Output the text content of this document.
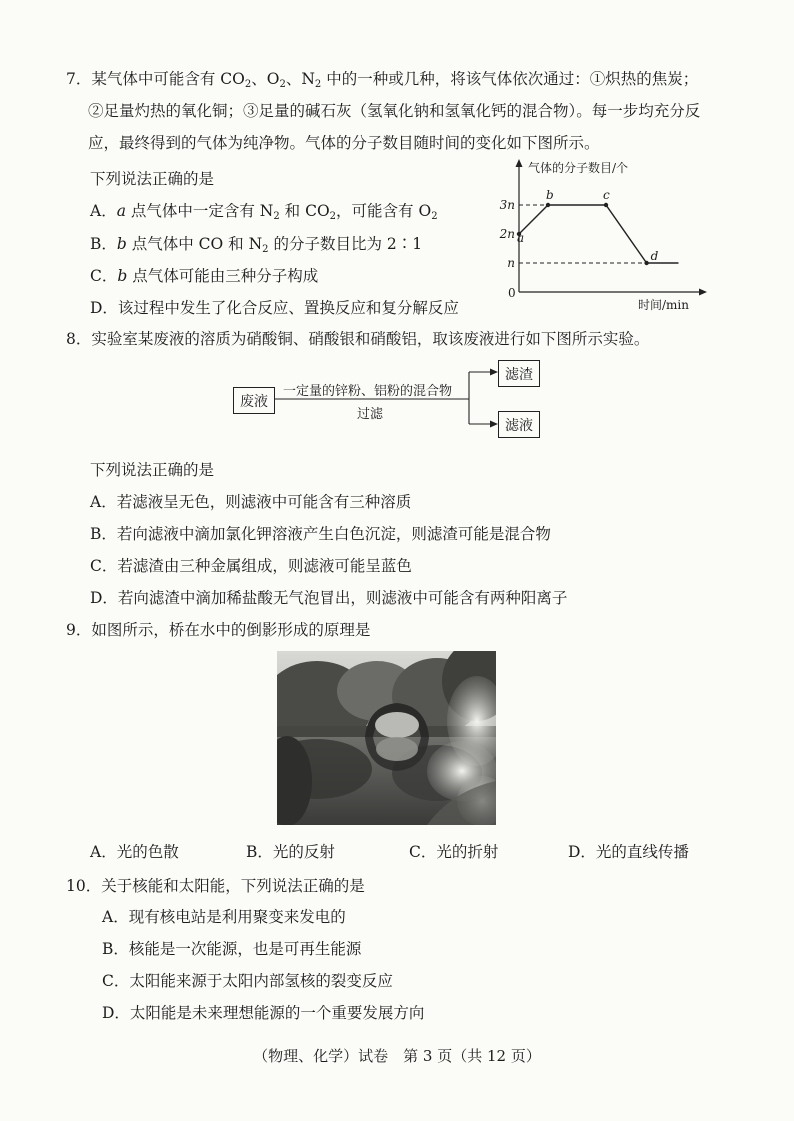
7．某气体中可能含有 $CO_2$、$O_2$、$N_2$ 中的一种或几种，将该气体依次通过：①炽热的焦炭；
②足量灼热的氧化铜；③足量的碱石灰（氢氧化钠和氢氧化钙的混合物）。每一步均充分反
应，最终得到的气体为纯净物。气体的分子数目随时间的变化如下图所示。
下列说法正确的是
A．a 点气体中一定含有 $N_2$ 和 $CO_2$，可能含有 $O_2$
B．b 点气体中 CO 和 $N_2$ 的分子数目比为 2∶1
C．b 点气体可能由三种分子构成
D．该过程中发生了化合反应、置换反应和复分解反应
气体的分子数目/个
时间/min
0
3n
2n
n
a
b	c
d
8．实验室某废液的溶质为硝酸铜、硝酸银和硝酸铝，取该废液进行如下图所示实验。
废液
一定量的锌粉、铝粉的混合物
过滤
滤渣
滤液
下列说法正确的是
A．若滤液呈无色，则滤液中可能含有三种溶质
B．若向滤液中滴加氯化钾溶液产生白色沉淀，则滤渣可能是混合物
C．若滤渣由三种金属组成，则滤液可能呈蓝色
D．若向滤渣中滴加稀盐酸无气泡冒出，则滤液中可能含有两种阳离子
9．如图所示，桥在水中的倒影形成的原理是
A．光的色散	B．光的反射	C．光的折射	D．光的直线传播
10．关于核能和太阳能，下列说法正确的是
A．现有核电站是利用聚变来发电的
B．核能是一次能源，也是可再生能源
C．太阳能来源于太阳内部氢核的裂变反应
D．太阳能是未来理想能源的一个重要发展方向
（物理、化学）试卷　第 3 页（共 12 页）
